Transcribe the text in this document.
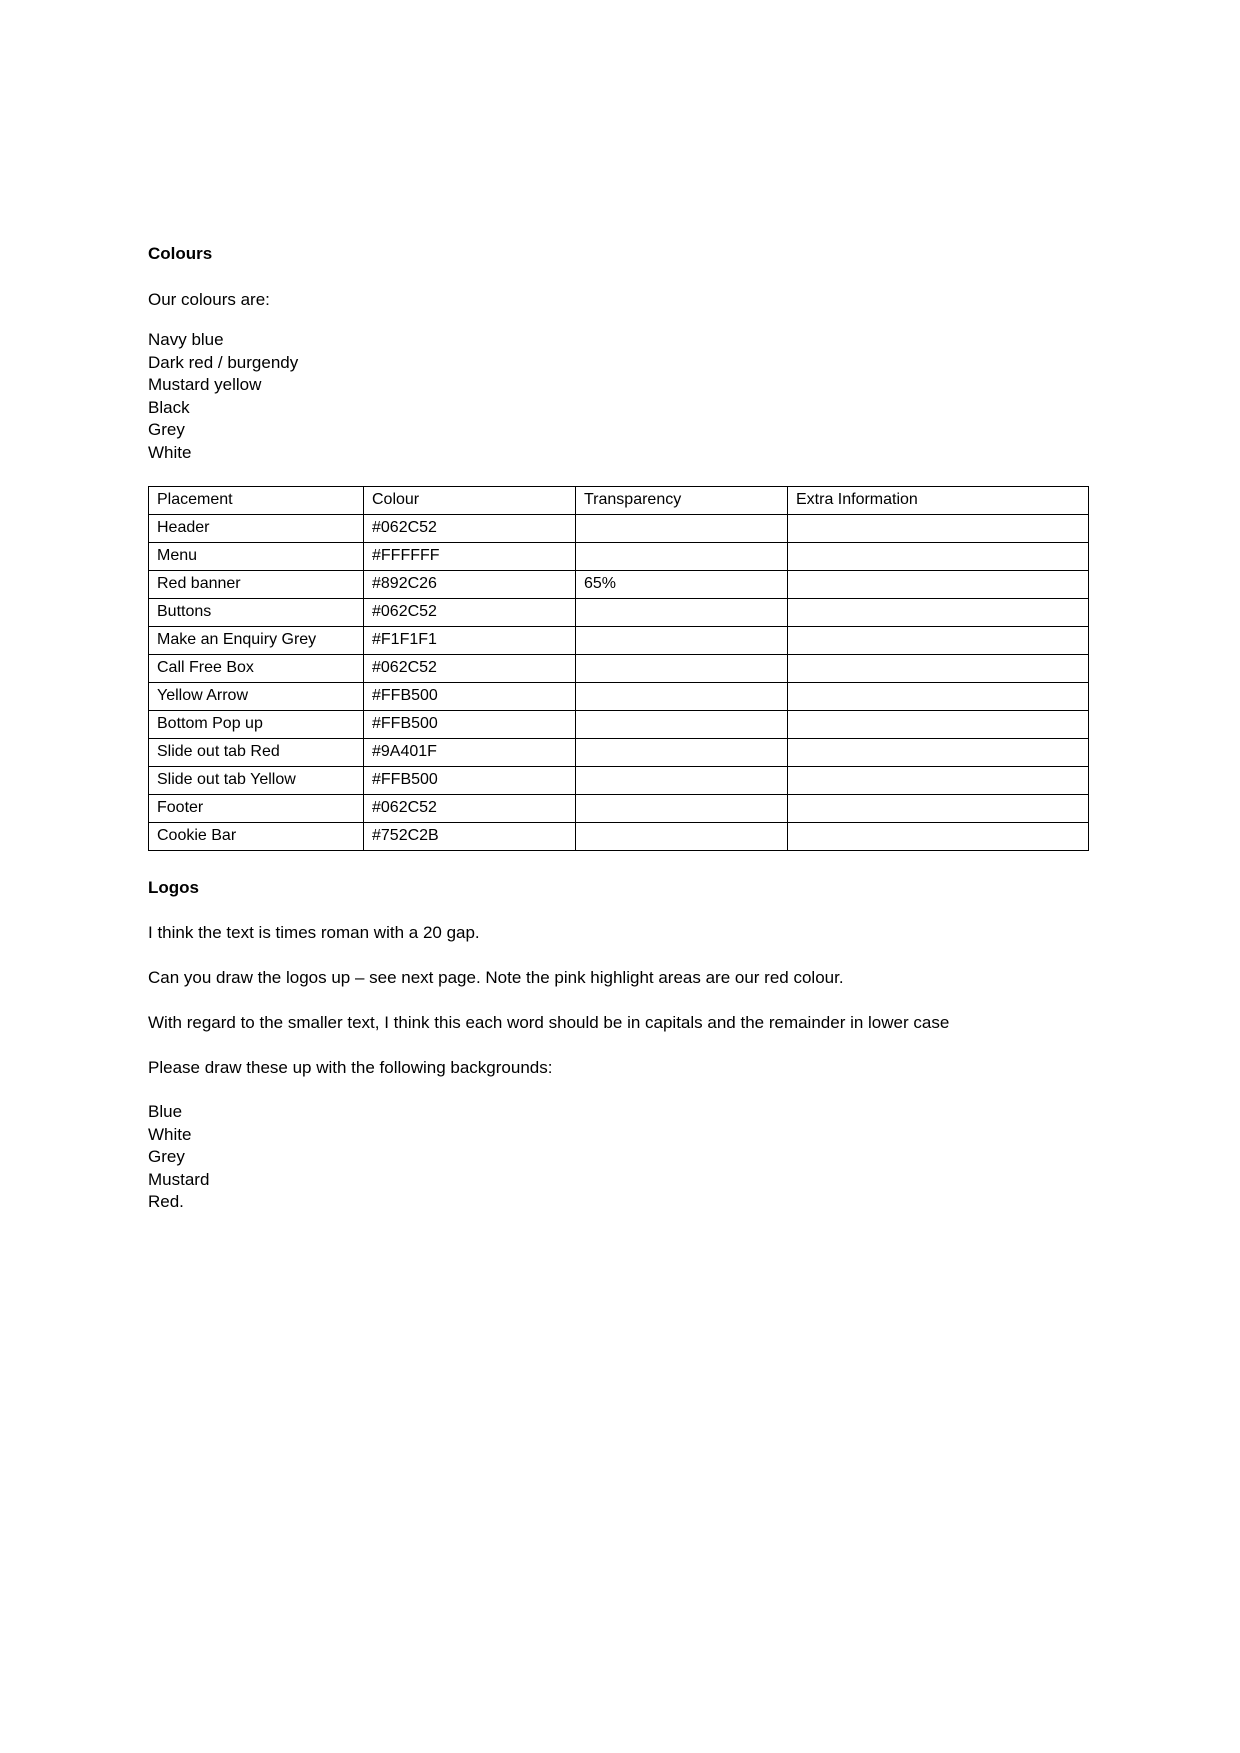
Colours

Our colours are:

Navy blue

Dark red / burgendy

Mustard yellow

Black

Grey

White

Placement	Colour	Transparency	Extra Information
Header	#062C52		
Menu	#FFFFFF		
Red banner	#892C26	65%	
Buttons	#062C52		
Make an Enquiry Grey	#F1F1F1		
Call Free Box	#062C52		
Yellow Arrow	#FFB500		
Bottom Pop up	#FFB500		
Slide out tab Red	#9A401F		
Slide out tab Yellow	#FFB500		
Footer	#062C52		
Cookie Bar	#752C2B		

Logos

I think the text is times roman with a 20 gap.

Can you draw the logos up – see next page. Note the pink highlight areas are our red colour.

With regard to the smaller text, I think this each word should be in capitals and the remainder in lower case

Please draw these up with the following backgrounds:

Blue

White

Grey

Mustard

Red.
